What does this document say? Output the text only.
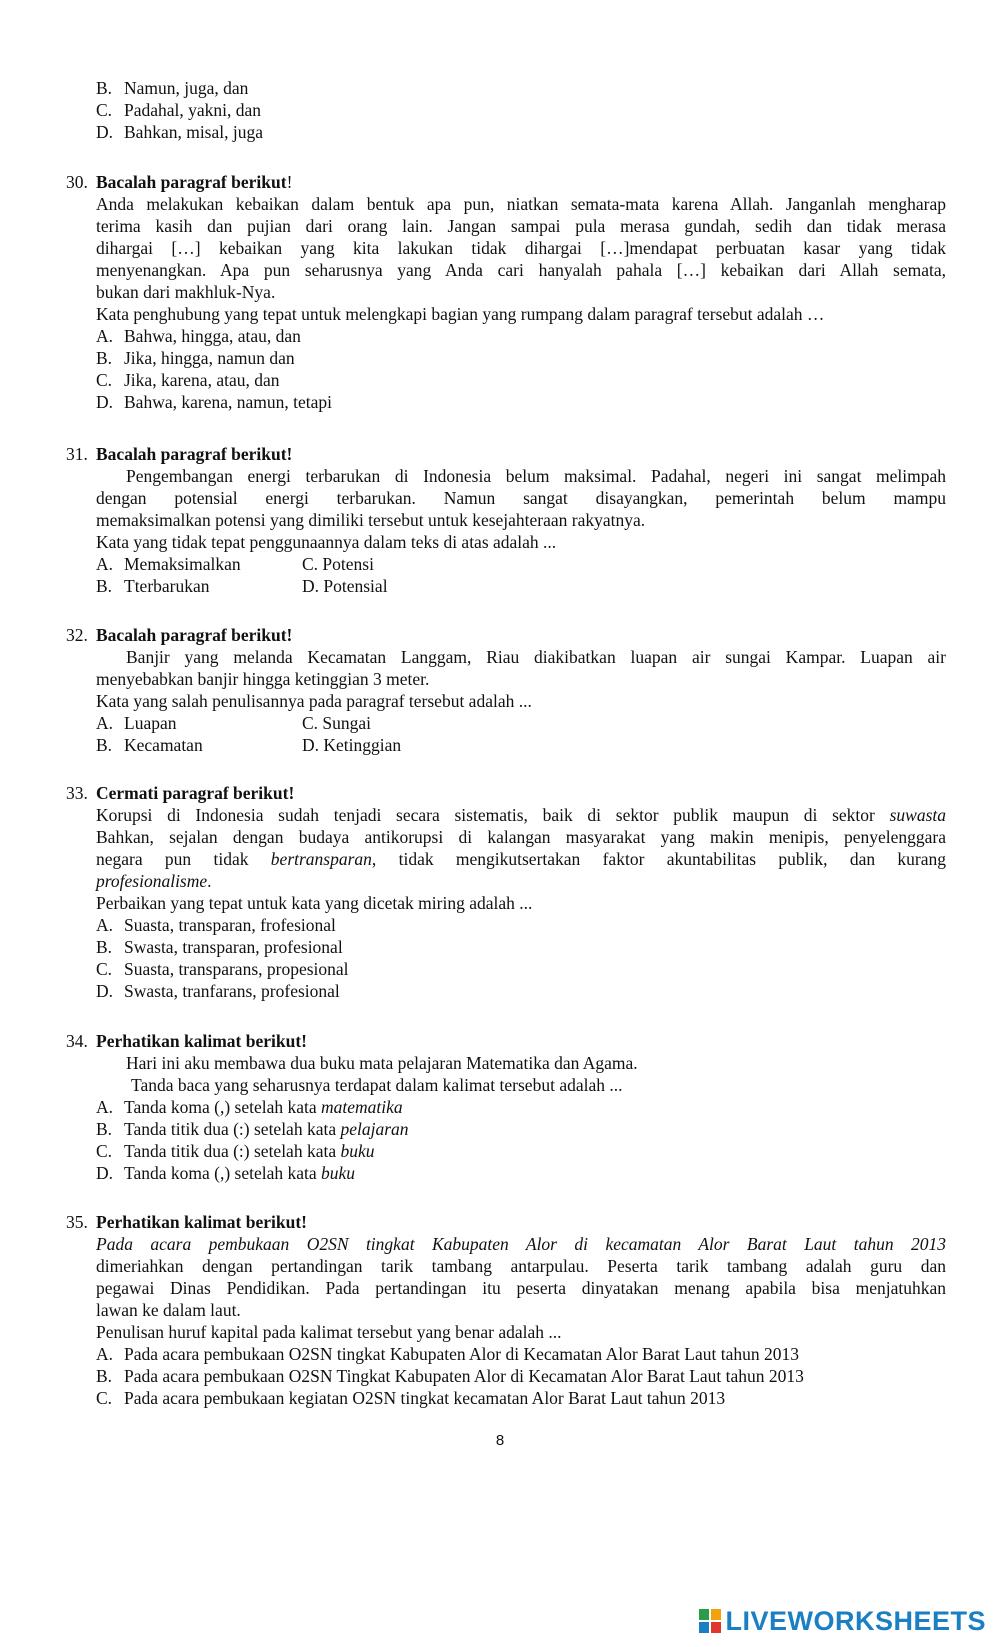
B. Namun, juga, dan
C. Padahal, yakni, dan
D. Bahkan, misal, juga
30. Bacalah paragraf berikut!
Anda melakukan kebaikan dalam bentuk apa pun, niatkan semata-mata karena Allah. Janganlah mengharap
terima kasih dan pujian dari orang lain. Jangan sampai pula merasa gundah, sedih dan tidak merasa
dihargai […] kebaikan yang kita lakukan tidak dihargai […]mendapat perbuatan kasar yang tidak
menyenangkan. Apa pun seharusnya yang Anda cari hanyalah pahala […] kebaikan dari Allah semata,
bukan dari makhluk-Nya.
Kata penghubung yang tepat untuk melengkapi bagian yang rumpang dalam paragraf tersebut adalah …
A. Bahwa, hingga, atau, dan
B. Jika, hingga, namun dan
C. Jika, karena, atau, dan
D. Bahwa, karena, namun, tetapi
31. Bacalah paragraf berikut!
Pengembangan energi terbarukan di Indonesia belum maksimal. Padahal, negeri ini sangat melimpah
dengan potensial energi terbarukan. Namun sangat disayangkan, pemerintah belum mampu
memaksimalkan potensi yang dimiliki tersebut untuk kesejahteraan rakyatnya.
Kata yang tidak tepat penggunaannya dalam teks di atas adalah ...
A. Memaksimalkan	C. Potensi
B. Tterbarukan	D. Potensial
32. Bacalah paragraf berikut!
Banjir yang melanda Kecamatan Langgam, Riau diakibatkan luapan air sungai Kampar. Luapan air
menyebabkan banjir hingga ketinggian 3 meter.
Kata yang salah penulisannya pada paragraf tersebut adalah ...
A. Luapan	C. Sungai
B. Kecamatan	D. Ketinggian
33. Cermati paragraf berikut!
Korupsi di Indonesia sudah tenjadi secara sistematis, baik di sektor publik maupun di sektor suwasta
Bahkan, sejalan dengan budaya antikorupsi di kalangan masyarakat yang makin menipis, penyelenggara
negara pun tidak bertransparan, tidak mengikutsertakan faktor akuntabilitas publik, dan kurang
profesionalisme.
Perbaikan yang tepat untuk kata yang dicetak miring adalah ...
A. Suasta, transparan, frofesional
B. Swasta, transparan, profesional
C. Suasta, transparans, propesional
D. Swasta, tranfarans, profesional
34. Perhatikan kalimat berikut!
Hari ini aku membawa dua buku mata pelajaran Matematika dan Agama.
Tanda baca yang seharusnya terdapat dalam kalimat tersebut adalah ...
A. Tanda koma (,) setelah kata matematika
B. Tanda titik dua (:) setelah kata pelajaran
C. Tanda titik dua (:) setelah kata buku
D. Tanda koma (,) setelah kata buku
35. Perhatikan kalimat berikut!
Pada acara pembukaan O2SN tingkat Kabupaten Alor di kecamatan Alor Barat Laut tahun 2013
dimeriahkan dengan pertandingan tarik tambang antarpulau. Peserta tarik tambang adalah guru dan
pegawai Dinas Pendidikan. Pada pertandingan itu peserta dinyatakan menang apabila bisa menjatuhkan
lawan ke dalam laut.
Penulisan huruf kapital pada kalimat tersebut yang benar adalah ...
A. Pada acara pembukaan O2SN tingkat Kabupaten Alor di Kecamatan Alor Barat Laut tahun 2013
B. Pada acara pembukaan O2SN Tingkat Kabupaten Alor di Kecamatan Alor Barat Laut tahun 2013
C. Pada acara pembukaan kegiatan O2SN tingkat kecamatan Alor Barat Laut tahun 2013
8
LIVEWORKSHEETS
